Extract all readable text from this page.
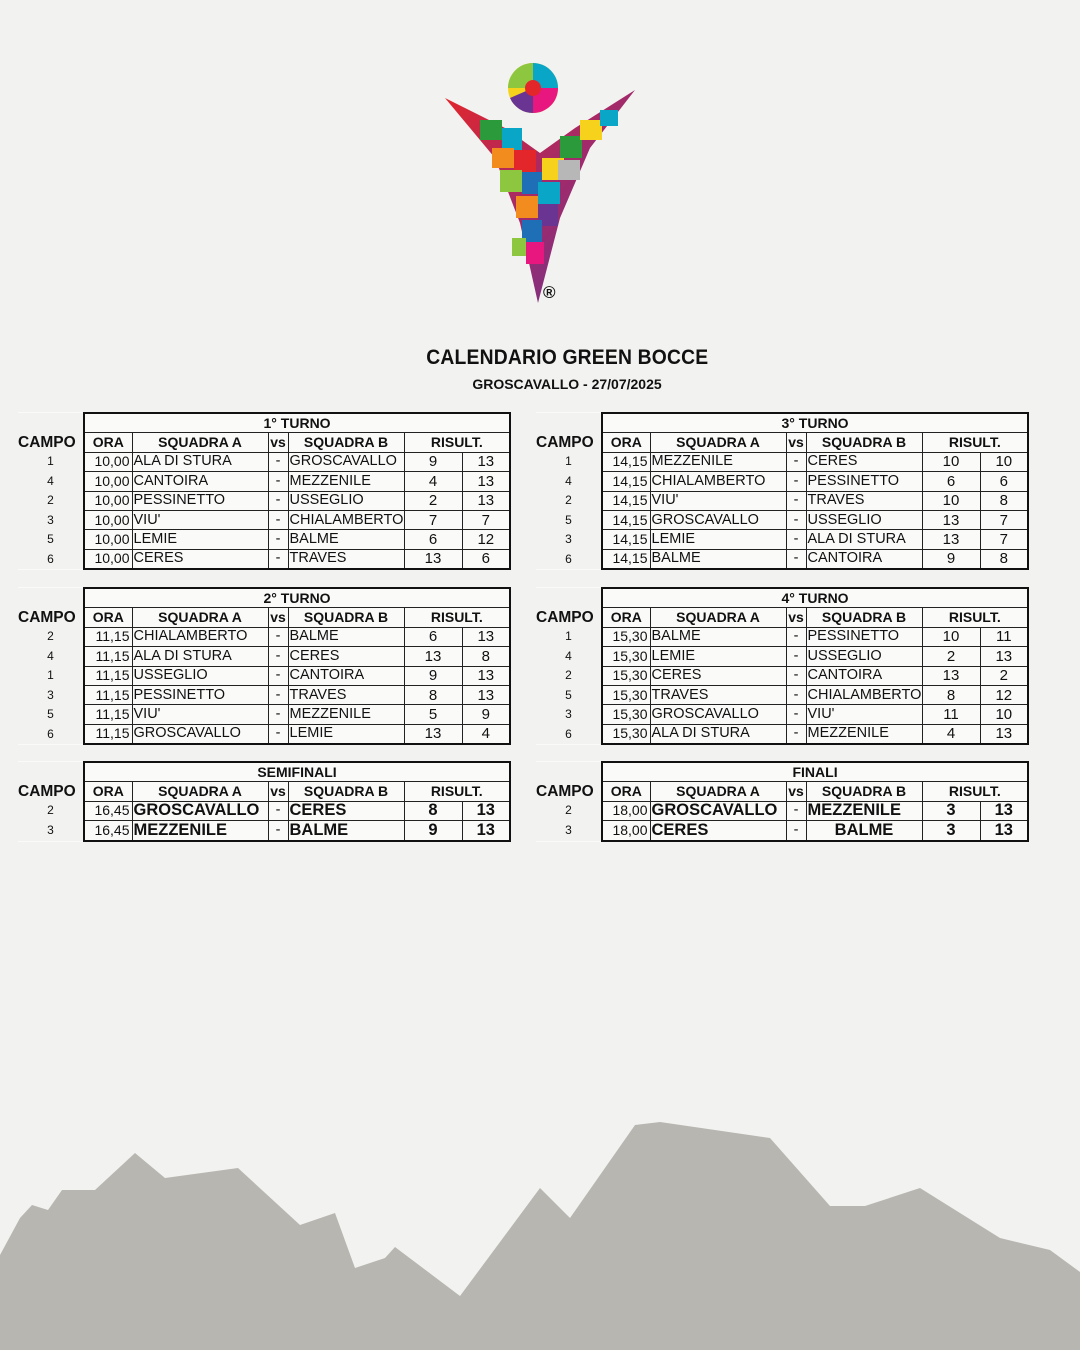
®
CALENDARIO GREEN BOCCE
GROSCAVALLO - 27/07/2025
	1° TURNO					
CAMPO	ORA	SQUADRA A	vs	SQUADRA B	RISULT.	
1	10,00	ALA DI STURA	-	GROSCAVALLO	9	13
4	10,00	CANTOIRA	-	MEZZENILE	4	13
2	10,00	PESSINETTO	-	USSEGLIO	2	13
3	10,00	VIU'	-	CHIALAMBERTO	7	7
5	10,00	LEMIE	-	BALME	6	12
6	10,00	CERES	-	TRAVES	13	6
	3° TURNO					
CAMPO	ORA	SQUADRA A	vs	SQUADRA B	RISULT.	
1	14,15	MEZZENILE	-	CERES	10	10
4	14,15	CHIALAMBERTO	-	PESSINETTO	6	6
2	14,15	VIU'	-	TRAVES	10	8
5	14,15	GROSCAVALLO	-	USSEGLIO	13	7
3	14,15	LEMIE	-	ALA DI STURA	13	7
6	14,15	BALME	-	CANTOIRA	9	8
	2° TURNO					
CAMPO	ORA	SQUADRA A	vs	SQUADRA B	RISULT.	
2	11,15	CHIALAMBERTO	-	BALME	6	13
4	11,15	ALA DI STURA	-	CERES	13	8
1	11,15	USSEGLIO	-	CANTOIRA	9	13
3	11,15	PESSINETTO	-	TRAVES	8	13
5	11,15	VIU'	-	MEZZENILE	5	9
6	11,15	GROSCAVALLO	-	LEMIE	13	4
	4° TURNO					
CAMPO	ORA	SQUADRA A	vs	SQUADRA B	RISULT.	
1	15,30	BALME	-	PESSINETTO	10	11
4	15,30	LEMIE	-	USSEGLIO	2	13
2	15,30	CERES	-	CANTOIRA	13	2
5	15,30	TRAVES	-	CHIALAMBERTO	8	12
3	15,30	GROSCAVALLO	-	VIU'	11	10
6	15,30	ALA DI STURA	-	MEZZENILE	4	13
	SEMIFINALI					
CAMPO	ORA	SQUADRA A	vs	SQUADRA B	RISULT.	
2	16,45	GROSCAVALLO	-	CERES	8	13
3	16,45	MEZZENILE	-	BALME	9	13
	FINALI					
CAMPO	ORA	SQUADRA A	vs	SQUADRA B	RISULT.	
2	18,00	GROSCAVALLO	-	MEZZENILE	3	13
3	18,00	CERES	-	BALME	3	13
